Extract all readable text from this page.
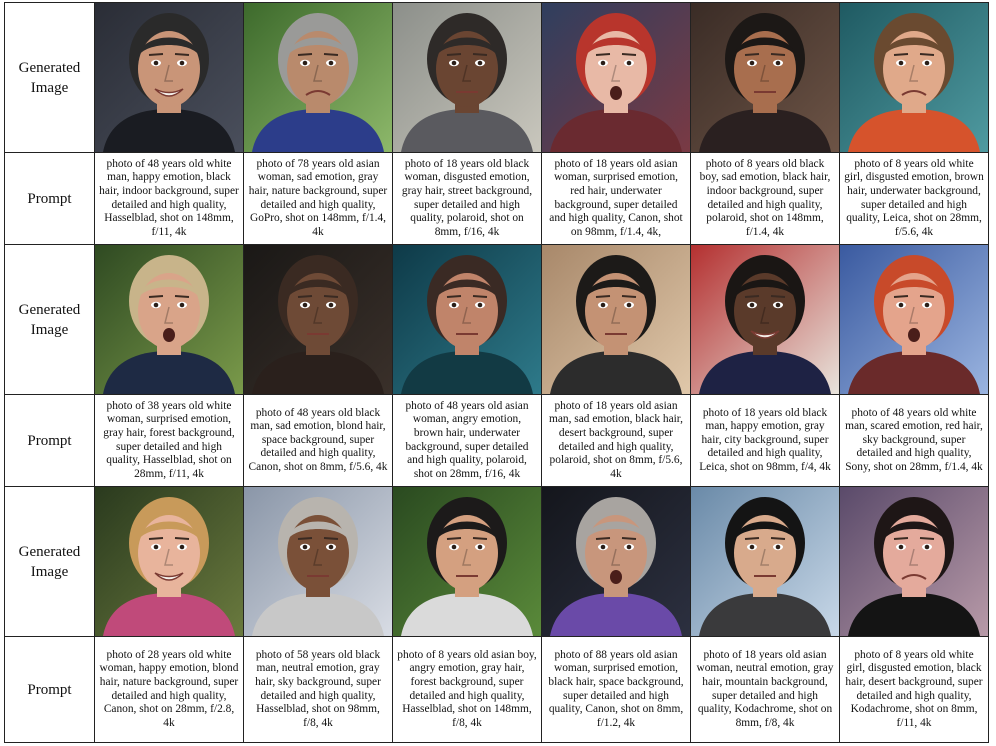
Generated Image
Prompt
photo of 48 years old white man, happy emotion, black hair, indoor background, super detailed and high quality, Hasselblad, shot on 148mm, f/11, 4k
photo of 78 years old asian woman, sad emotion, gray hair, nature background, super detailed and high quality, GoPro, shot on 148mm, f/1.4, 4k
photo of 18 years old black woman, disgusted emotion, gray hair, street background, super detailed and high quality, polaroid, shot on 8mm, f/16, 4k
photo of 18 years old asian woman, surprised emotion, red hair, underwater background, super detailed and high quality, Canon, shot on 98mm, f/1.4, 4k,
photo of 8 years old black boy, sad emotion, black hair, indoor background, super detailed and high quality, polaroid, shot on 148mm, f/1.4, 4k
photo of 8 years old white girl, disgusted emotion, brown hair, underwater background, super detailed and high quality, Leica, shot on 28mm, f/5.6, 4k
Generated Image
Prompt
photo of 38 years old white woman, surprised emotion, gray hair, forest background, super detailed and high quality, Hasselblad, shot on 28mm, f/11, 4k
photo of 48 years old black man, sad emotion, blond hair, space background, super detailed and high quality, Canon, shot on 8mm, f/5.6, 4k
photo of 48 years old asian woman, angry emotion, brown hair, underwater background, super detailed and high quality, polaroid, shot on 28mm, f/16, 4k
photo of 18 years old asian man, sad emotion, black hair, desert background, super detailed and high quality, polaroid, shot on 8mm, f/5.6, 4k
photo of 18 years old black man, happy emotion, gray hair, city background, super detailed and high quality, Leica, shot on 98mm, f/4, 4k
photo of 48 years old white man, scared emotion, red hair, sky background, super detailed and high quality, Sony, shot on 28mm, f/1.4, 4k
Generated Image
Prompt
photo of 28 years old white woman, happy emotion, blond hair, nature background, super detailed and high quality, Canon, shot on 28mm, f/2.8, 4k
photo of 58 years old black man, neutral emotion, gray hair, sky background, super detailed and high quality, Hasselblad, shot on 98mm, f/8, 4k
photo of 8 years old asian boy, angry emotion, gray hair, forest background, super detailed and high quality, Hasselblad, shot on 148mm, f/8, 4k
photo of 88 years old asian woman, surprised emotion, black hair, space background, super detailed and high quality, Canon, shot on 8mm, f/1.2, 4k
photo of 18 years old asian woman, neutral emotion, gray hair, mountain background, super detailed and high quality, Kodachrome, shot on 8mm, f/8, 4k
photo of 8 years old white girl, disgusted emotion, black hair, desert background, super detailed and high quality, Kodachrome, shot on 8mm, f/11, 4k
